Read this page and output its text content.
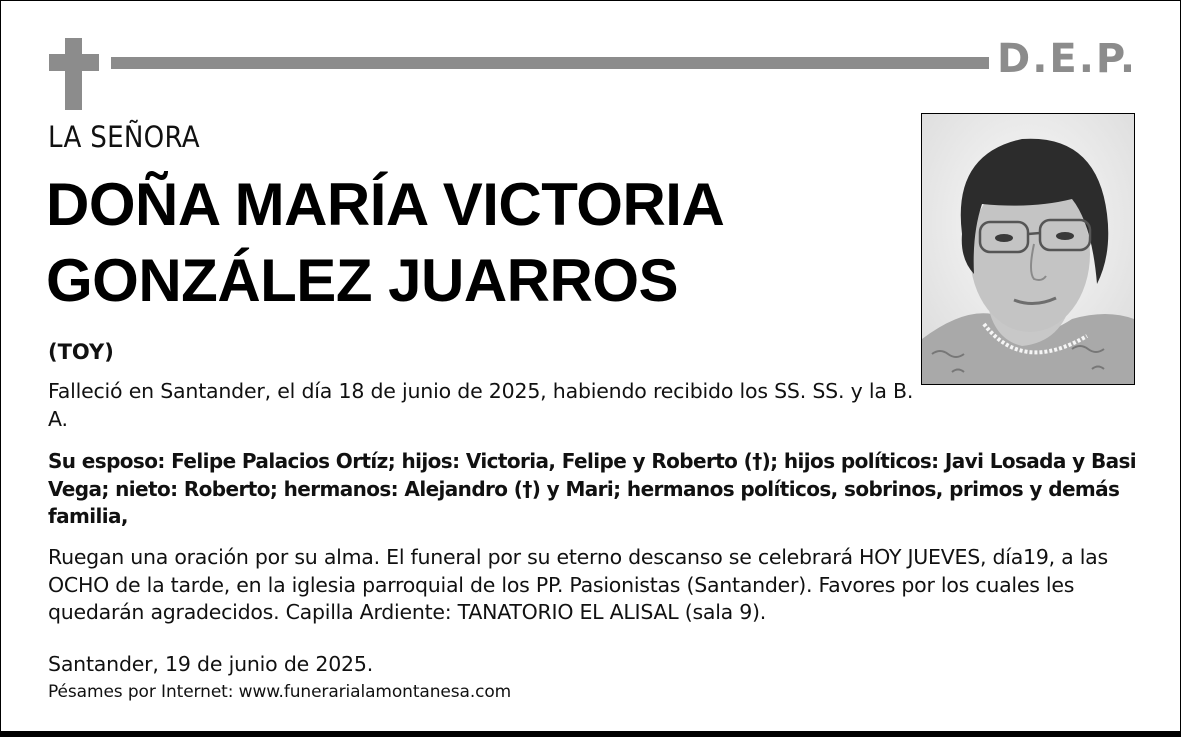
D.E.P.
LA SEÑORA
DOÑA MARÍA VICTORIA
GONZÁLEZ JUARROS
(TOY)
Falleció en Santander, el día 18 de junio de 2025, habiendo recibido los SS. SS. y la B. A.
Su esposo: Felipe Palacios Ortíz; hijos: Victoria, Felipe y Roberto (†); hijos políticos: Javi Losada y Basi Vega; nieto: Roberto; hermanos: Alejandro (†) y Mari; hermanos políticos, sobrinos, primos y demás familia,
Ruegan una oración por su alma. El funeral por su eterno descanso se celebrará HOY JUEVES, día19, a las OCHO de la tarde, en la iglesia parroquial de los PP. Pasionistas (Santander). Favores por los cuales les quedarán agradecidos. Capilla Ardiente: TANATORIO EL ALISAL (sala 9).
Santander, 19 de junio de 2025.
Pésames por Internet: www.funerarialamontanesa.com
